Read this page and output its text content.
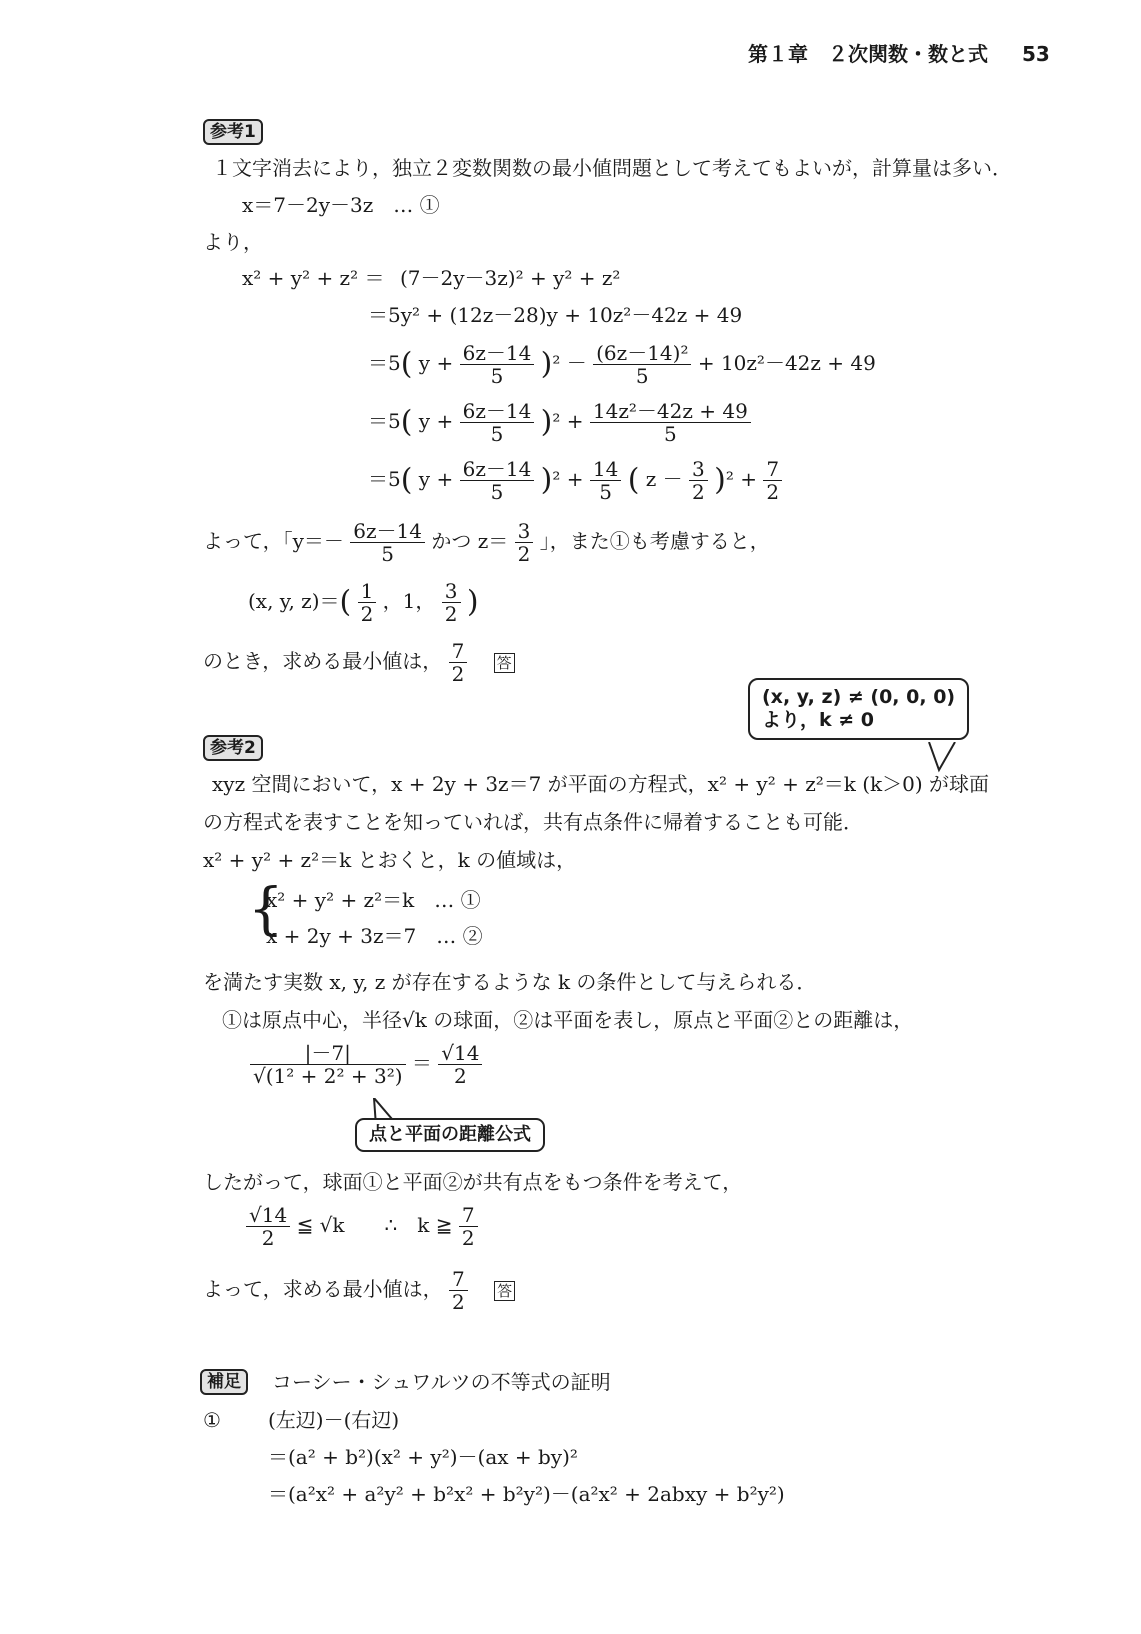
第１章　２次関数・数と式 53
参考1
１文字消去により，独立２変数関数の最小値問題として考えてもよいが，計算量は多い．
x＝7－2y－3z　… ①
より，
x² + y² + z² ＝ (7－2y－3z)² + y² + z²
＝5y² + (12z－28)y + 10z²－42z + 49
＝5( $y + \frac{6z-14}{5} )^2 - \frac{\text{(6z－14)²}}{5} + 10z^2-42z + 49$
＝5( $y + \frac{6z-14}{5} )^2 + \frac{\text{14z²－42z + 49}}{5}$
＝5( $y + \frac{6z-14}{5} )^2 + \frac{14}{5}$ ( $z - \frac{3}{2} )^2 + \frac{7}{2}$
よって，「$y=- \frac{6z-14}{5}$ かつ $z= \frac{3}{2}$ 」，また①も考慮すると，
(x, y, $z)=( \frac{1}{2}$ ，1， $\frac{3}{2}$ )
のとき，求める最小値は， $\frac{7}{2}$
　 答
(x, y, z) ≠ (0, 0, 0)
より，k ≠ 0
参考2
xyz 空間において，x + 2y + 3z＝7 が平面の方程式，x² + y² + z²＝k (k＞0) が球面
の方程式を表すことを知っていれば，共有点条件に帰着することも可能．
x² + y² + z²＝k とおくと，k の値域は，
{
x² + y² + z²＝k　… ①
x + 2y + 3z＝7　… ②
を満たす実数 x, y, z が存在するような k の条件として与えられる．
①は原点中心，半径√k の球面，②は平面を表し，原点と平面②との距離は，
$\frac{|-7|}{\text{√(1² + 2² + 3²)}} = \frac{√14}{2}$
点と平面の距離公式
したがって，球面①と平面②が共有点をもつ条件を考えて，
$\frac{√14}{2}$ ≦ √k　　∴　k ≧ $\frac{7}{2}$
よって，求める最小値は， $\frac{7}{2}$
　 答
補足	コーシー・シュワルツの不等式の証明
① (左辺)－(右辺)
＝(a² + b²)(x² + y²)－(ax + by)²
＝(a²x² + a²y² + b²x² + b²y²)－(a²x² + 2abxy + b²y²)
